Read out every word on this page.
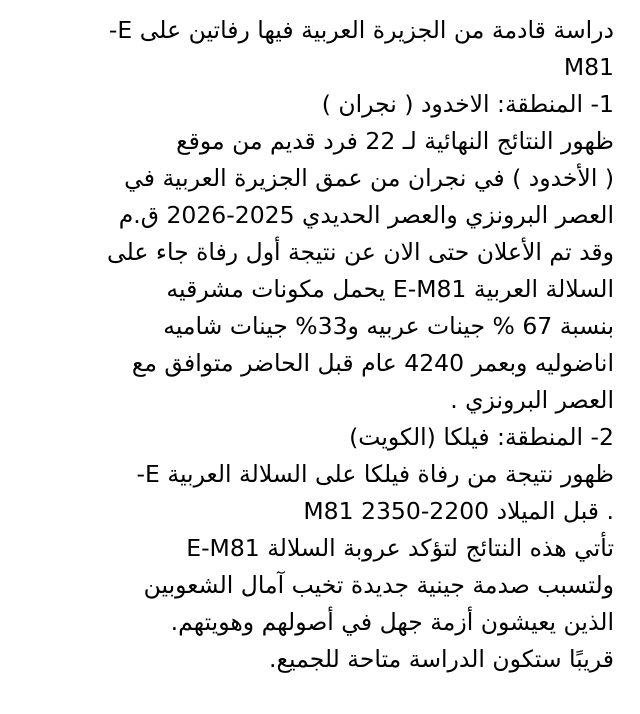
دراسة قادمة من الجزيرة العربية فيها رفاتين على E-
M81
1- المنطقة: الاخدود ( نجران )
ظهور النتائج النهائية لـ 22 فرد قديم من موقع
( الأخدود ) في نجران من عمق الجزيرة العربية في
العصر البرونزي والعصر الحديدي 2025-2026 ق.م
وقد تم الأعلان حتى الان عن نتيجة أول رفاة جاء على
السلالة العربية E-M81 يحمل مكونات مشرقيه
بنسبة 67 % جينات عربيه و33% جينات شاميه
اناضوليه وبعمر 4240 عام قبل الحاضر متوافق مع
العصر البرونزي .
2- المنطقة: فيلكا (الكويت)
ظهور نتيجة من رفاة فيلكا على السلالة العربية E-
M81 2350-2200 قبل الميلاد .
تأتي هذه النتائج لتؤكد عروبة السلالة E-M81
ولتسبب صدمة جينية جديدة تخيب آمال الشعوبين
الذين يعيشون أزمة جهل في أصولهم وهويتهم.
قريبًا ستكون الدراسة متاحة للجميع.
